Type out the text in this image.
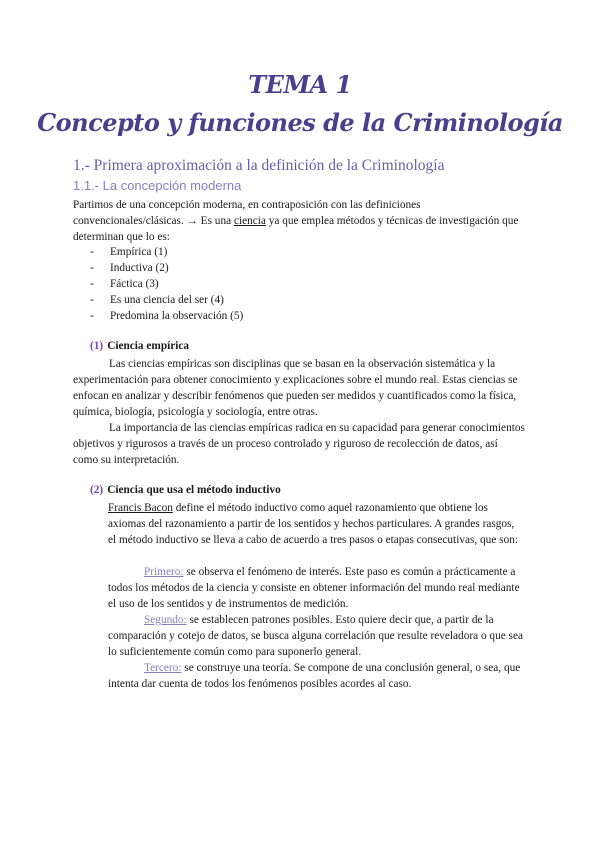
TEMA 1
Concepto y funciones de la Criminología
1.- Primera aproximación a la definición de la Criminología
1.1.- La concepción moderna
Partimos de una concepción moderna, en contraposición con las definiciones convencionales/clásicas. → Es una ciencia ya que emplea métodos y técnicas de investigación que determinan que lo es:
- Empírica (1)
- Inductiva (2)
- Fáctica (3)
- Es una ciencia del ser (4)
- Predomina la observación (5)
(1) Ciencia empírica
Las ciencias empíricas son disciplinas que se basan en la observación sistemática y la experimentación para obtener conocimiento y explicaciones sobre el mundo real. Estas ciencias se enfocan en analizar y describir fenómenos que pueden ser medidos y cuantificados como la física, química, biología, psicología y sociología, entre otras.
La importancia de las ciencias empíricas radica en su capacidad para generar conocimientos objetivos y rigurosos a través de un proceso controlado y riguroso de recolección de datos, así como su interpretación.
(2) Ciencia que usa el método inductivo
Francis Bacon define el método inductivo como aquel razonamiento que obtiene los axiomas del razonamiento a partir de los sentidos y hechos particulares. A grandes rasgos, el método inductivo se lleva a cabo de acuerdo a tres pasos o etapas consecutivas, que son:
Primero: se observa el fenómeno de interés. Este paso es común a prácticamente a todos los métodos de la ciencia y consiste en obtener información del mundo real mediante el uso de los sentidos y de instrumentos de medición.
Segundo: se establecen patrones posibles. Esto quiere decir que, a partir de la comparación y cotejo de datos, se busca alguna correlación que resulte reveladora o que sea lo suficientemente común como para suponerlo general.
Tercero: se construye una teoría. Se compone de una conclusión general, o sea, que intenta dar cuenta de todos los fenómenos posibles acordes al caso.
